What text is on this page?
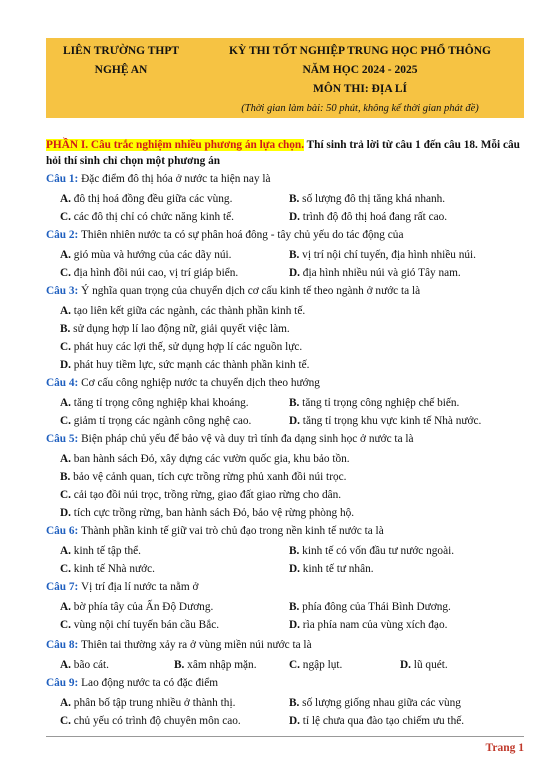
LIÊN TRƯỜNG THPT
NGHỆ AN
KỲ THI TỐT NGHIỆP TRUNG HỌC PHỔ THÔNG
NĂM HỌC 2024 - 2025
MÔN THI: ĐỊA LÍ
(Thời gian làm bài: 50 phút, không kể thời gian phát đề)
PHẦN I. Câu trắc nghiệm nhiều phương án lựa chọn. Thí sinh trả lời từ câu 1 đến câu 18. Mỗi câu hỏi thí sinh chỉ chọn một phương án
Câu 1: Đặc điểm đô thị hóa ở nước ta hiện nay là
A. đô thị hoá đồng đều giữa các vùng.	B. số lượng đô thị tăng khá nhanh.
C. các đô thị chỉ có chức năng kinh tế.	D. trình độ đô thị hoá đang rất cao.
Câu 2: Thiên nhiên nước ta có sự phân hoá đông - tây chủ yếu do tác động của
A. gió mùa và hướng của các dãy núi.	B. vị trí nội chí tuyến, địa hình nhiều núi.
C. địa hình đồi núi cao, vị trí giáp biển.	D. địa hình nhiều núi và gió Tây nam.
Câu 3: Ý nghĩa quan trọng của chuyển dịch cơ cấu kinh tế theo ngành ở nước ta là
A. tạo liên kết giữa các ngành, các thành phần kinh tế.
B. sử dụng hợp lí lao động nữ, giải quyết việc làm.
C. phát huy các lợi thế, sử dụng hợp lí các nguồn lực.
D. phát huy tiềm lực, sức mạnh các thành phần kinh tế.
Câu 4: Cơ cấu công nghiệp nước ta chuyển dịch theo hướng
A. tăng tỉ trọng công nghiệp khai khoáng.	B. tăng tỉ trọng công nghiệp chế biến.
C. giảm tỉ trọng các ngành công nghệ cao.	D. tăng tỉ trọng khu vực kinh tế Nhà nước.
Câu 5: Biện pháp chủ yếu để bảo vệ và duy trì tính đa dạng sinh học ở nước ta là
A. ban hành sách Đỏ, xây dựng các vườn quốc gia, khu bảo tồn.
B. bảo vệ cảnh quan, tích cực trồng rừng phủ xanh đồi núi trọc.
C. cải tạo đồi núi trọc, trồng rừng, giao đất giao rừng cho dân.
D. tích cực trồng rừng, ban hành sách Đỏ, bảo vệ rừng phòng hộ.
Câu 6: Thành phần kinh tế giữ vai trò chủ đạo trong nền kinh tế nước ta là
A. kinh tế tập thể.	B. kinh tế có vốn đầu tư nước ngoài.
C. kinh tế Nhà nước.	D. kinh tế tư nhân.
Câu 7: Vị trí địa lí nước ta nằm ở
A. bờ phía tây của Ấn Độ Dương.	B. phía đông của Thái Bình Dương.
C. vùng nội chí tuyến bán cầu Bắc.	D. rìa phía nam của vùng xích đạo.
Câu 8: Thiên tai thường xảy ra ở vùng miền núi nước ta là
A. bão cát.	B. xâm nhập mặn.	C. ngập lụt.	D. lũ quét.
Câu 9: Lao động nước ta có đặc điểm
A. phân bố tập trung nhiều ở thành thị.	B. số lượng giống nhau giữa các vùng
C. chủ yếu có trình độ chuyên môn cao.	D. tỉ lệ chưa qua đào tạo chiếm ưu thế.
Trang 1
